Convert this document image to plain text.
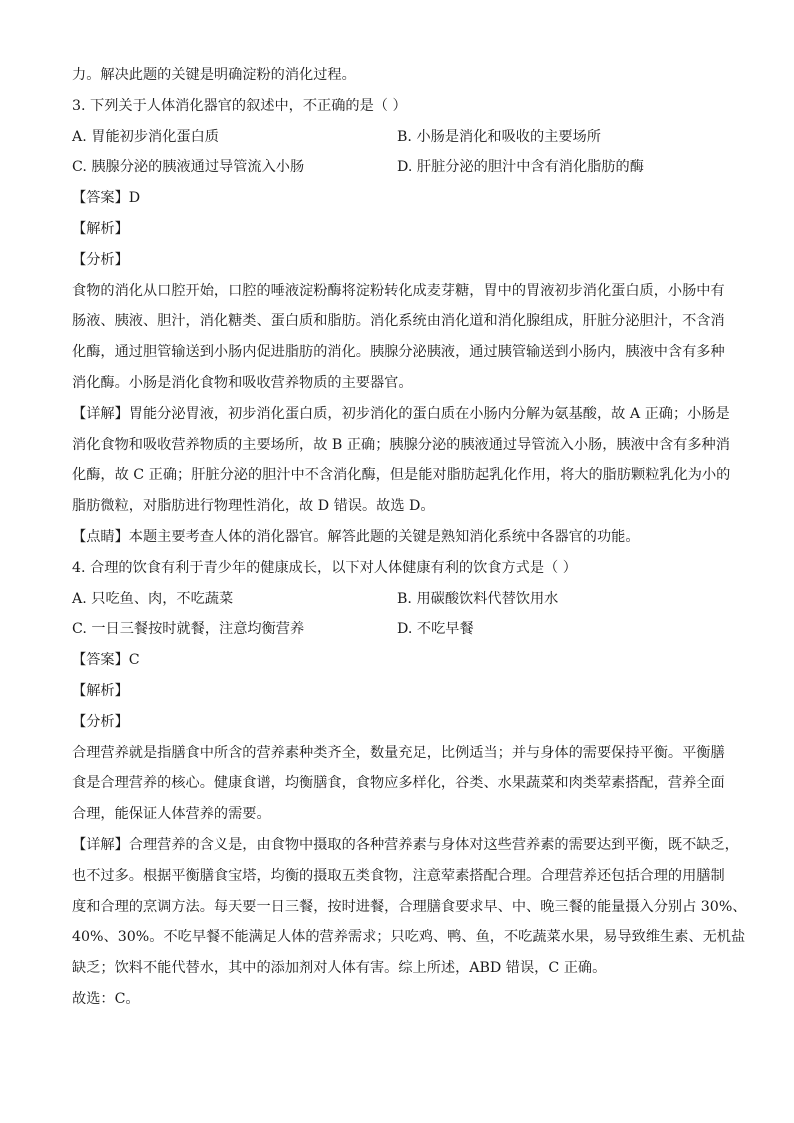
力。解决此题的关键是明确淀粉的消化过程。
3. 下列关于人体消化器官的叙述中，不正确的是（ ）
A. 胃能初步消化蛋白质	B. 小肠是消化和吸收的主要场所
C. 胰腺分泌的胰液通过导管流入小肠	D. 肝脏分泌的胆汁中含有消化脂肪的酶
【答案】D
【解析】
【分析】
食物的消化从口腔开始，口腔的唾液淀粉酶将淀粉转化成麦芽糖，胃中的胃液初步消化蛋白质，小肠中有
肠液、胰液、胆汁，消化糖类、蛋白质和脂肪。消化系统由消化道和消化腺组成，肝脏分泌胆汁，不含消
化酶，通过胆管输送到小肠内促进脂肪的消化。胰腺分泌胰液，通过胰管输送到小肠内，胰液中含有多种
消化酶。小肠是消化食物和吸收营养物质的主要器官。
【详解】胃能分泌胃液，初步消化蛋白质，初步消化的蛋白质在小肠内分解为氨基酸，故 A 正确；小肠是
消化食物和吸收营养物质的主要场所，故 B 正确；胰腺分泌的胰液通过导管流入小肠，胰液中含有多种消
化酶，故 C 正确；肝脏分泌的胆汁中不含消化酶，但是能对脂肪起乳化作用，将大的脂肪颗粒乳化为小的
脂肪微粒，对脂肪进行物理性消化，故 D 错误。故选 D。
【点睛】本题主要考查人体的消化器官。解答此题的关键是熟知消化系统中各器官的功能。
4. 合理的饮食有利于青少年的健康成长，以下对人体健康有利的饮食方式是（ ）
A. 只吃鱼、肉，不吃蔬菜	B. 用碳酸饮料代替饮用水
C. 一日三餐按时就餐，注意均衡营养	D. 不吃早餐
【答案】C
【解析】
【分析】
合理营养就是指膳食中所含的营养素种类齐全，数量充足，比例适当；并与身体的需要保持平衡。平衡膳
食是合理营养的核心。健康食谱，均衡膳食，食物应多样化，谷类、水果蔬菜和肉类荤素搭配，营养全面
合理，能保证人体营养的需要。
【详解】合理营养的含义是，由食物中摄取的各种营养素与身体对这些营养素的需要达到平衡，既不缺乏，
也不过多。根据平衡膳食宝塔，均衡的摄取五类食物，注意荤素搭配合理。合理营养还包括合理的用膳制
度和合理的烹调方法。每天要一日三餐，按时进餐，合理膳食要求早、中、晚三餐的能量摄入分别占 30%、
40%、30%。不吃早餐不能满足人体的营养需求；只吃鸡、鸭、鱼，不吃蔬菜水果，易导致维生素、无机盐
缺乏；饮料不能代替水，其中的添加剂对人体有害。综上所述，ABD 错误，C 正确。
故选：C。
